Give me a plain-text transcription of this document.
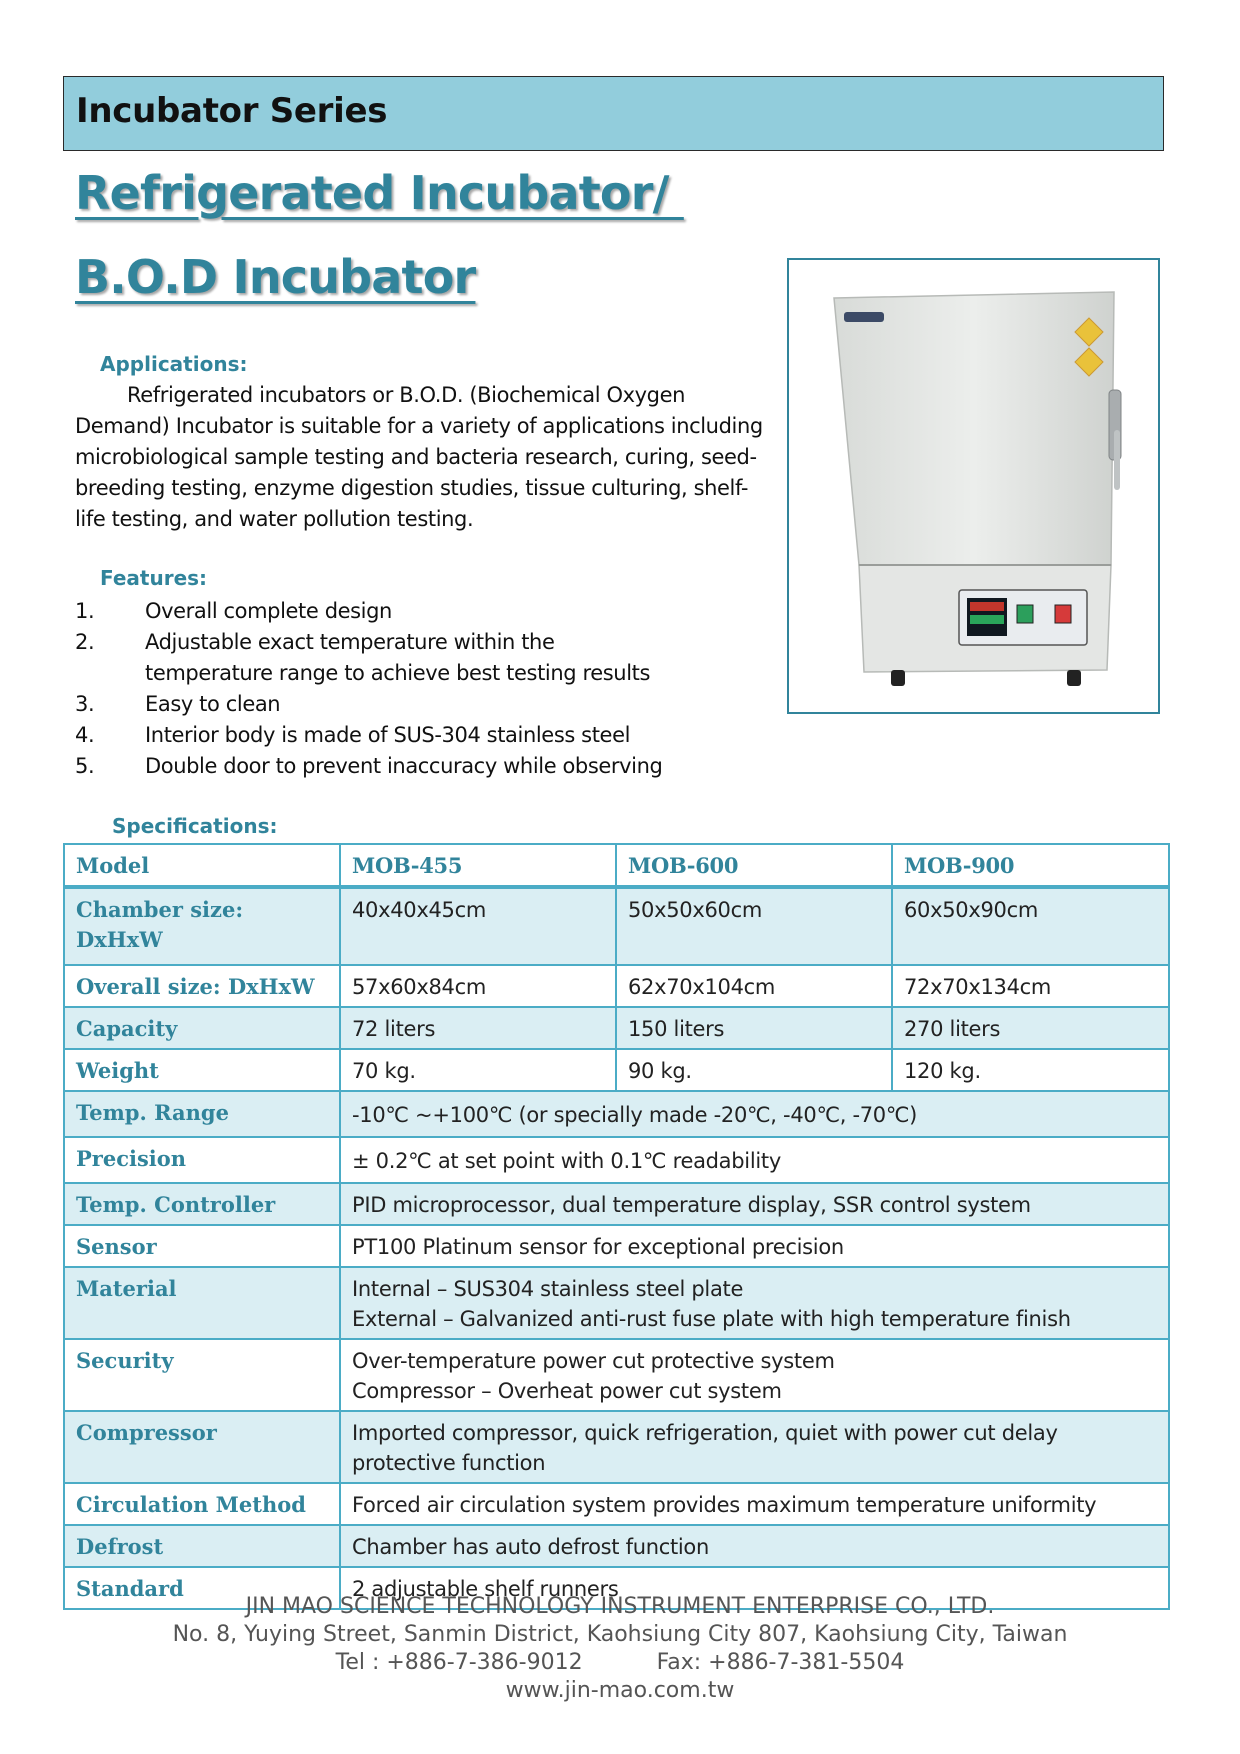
Incubator Series
Refrigerated Incubator/
B.O.D Incubator
Applications:

Refrigerated incubators or B.O.D. (Biochemical Oxygen Demand) Incubator is suitable for a variety of applications including microbiological sample testing and bacteria research, curing, seed-breeding testing, enzyme digestion studies, tissue culturing, shelf-life testing, and water pollution testing.

Features:
1.	Overall complete design
2.	Adjustable exact temperature within the temperature range to achieve best testing results
3.	Easy to clean
4.	Interior body is made of SUS-304 stainless steel
5.	Double door to prevent inaccuracy while observing
Specifications:
Model	MOB-455	MOB-600	MOB-900
Chamber size: DxHxW	40x40x45cm	50x50x60cm	60x50x90cm
Overall size: DxHxW	57x60x84cm	62x70x104cm	72x70x134cm
Capacity	72 liters	150 liters	270 liters
Weight	70 kg.	90 kg.	120 kg.
Temp. Range	-10℃ ~+100℃ (or specially made -20℃, -40℃, -70℃)		
Precision	± 0.2℃ at set point with 0.1℃ readability		
Temp. Controller	PID microprocessor, dual temperature display, SSR control system		
Sensor	PT100 Platinum sensor for exceptional precision		
Material	Internal – SUS304 stainless steel plate
External – Galvanized anti-rust fuse plate with high temperature finish		

Security	Over-temperature power cut protective system
Compressor – Overheat power cut system		

Compressor	Imported compressor, quick refrigeration, quiet with power cut delay protective function		
Circulation Method	Forced air circulation system provides maximum temperature uniformity		
Defrost	Chamber has auto defrost function		
Standard	2 adjustable shelf runners		
JIN MAO SCIENCE TECHNOLOGY INSTRUMENT ENTERPRISE CO., LTD.
No. 8, Yuying Street, Sanmin District, Kaohsiung City 807, Kaohsiung City, Taiwan
Tel : +886-7-386-9012	Fax: +886-7-381-5504
www.jin-mao.com.tw
